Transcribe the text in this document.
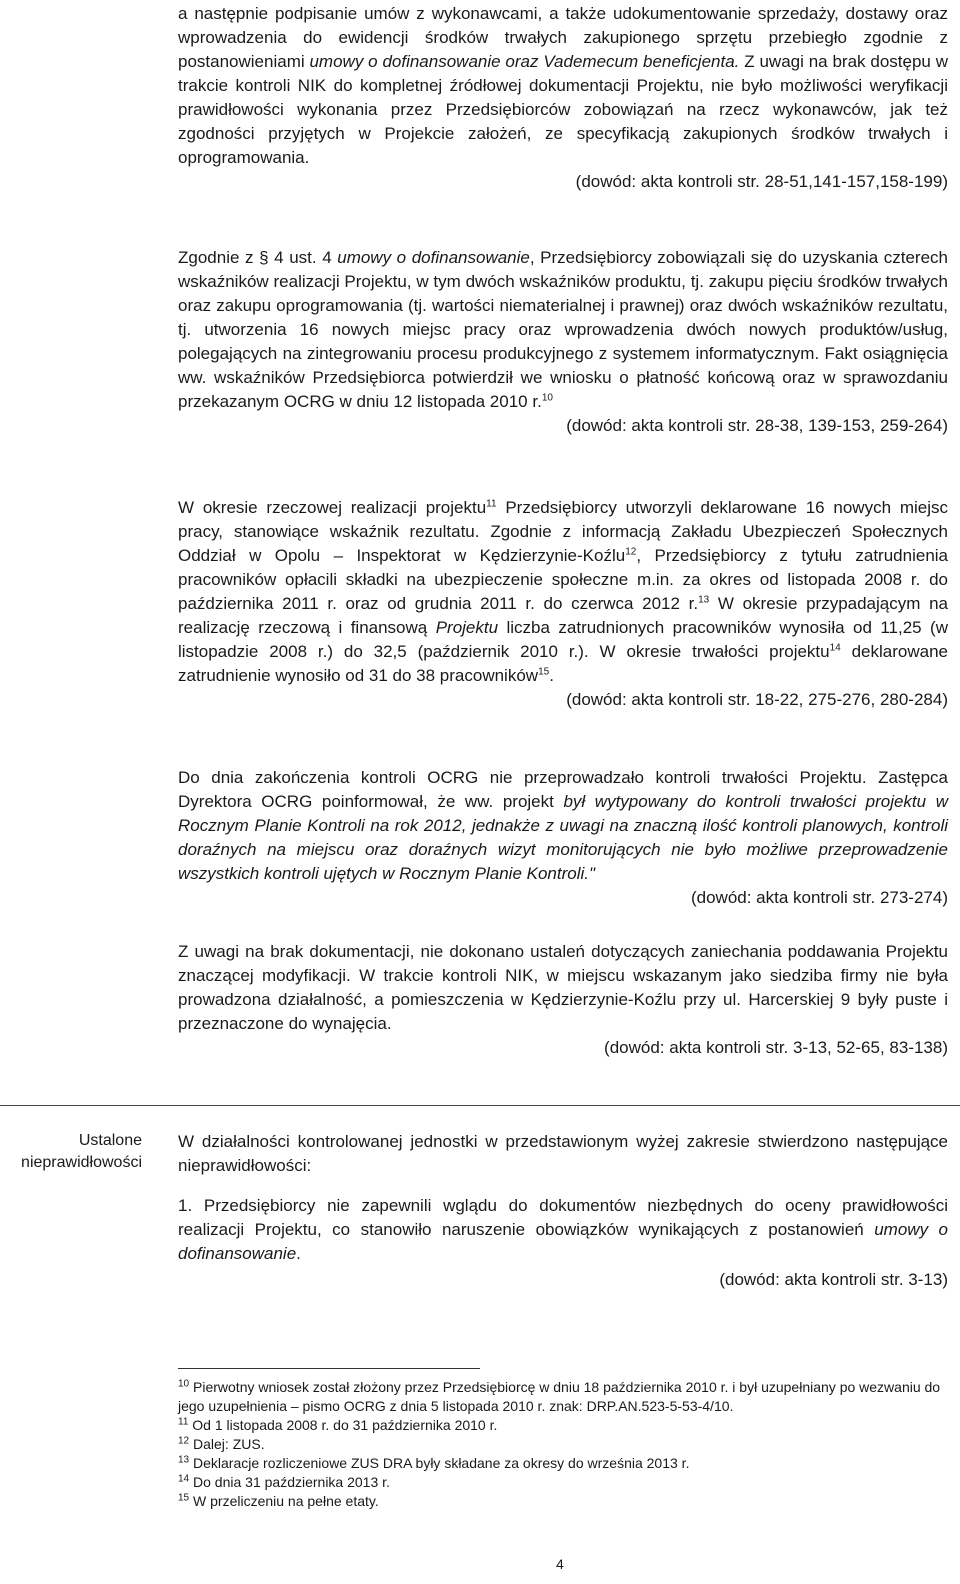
a następnie podpisanie umów z wykonawcami, a także udokumentowanie sprzedaży, dostawy oraz wprowadzenia do ewidencji środków trwałych zakupionego sprzętu przebiegło zgodnie z postanowieniami umowy o dofinansowanie oraz Vademecum beneficjenta. Z uwagi na brak dostępu w trakcie kontroli NIK do kompletnej źródłowej dokumentacji Projektu, nie było możliwości weryfikacji prawidłowości wykonania przez Przedsiębiorców zobowiązań na rzecz wykonawców, jak też zgodności przyjętych w Projekcie założeń, ze specyfikacją zakupionych środków trwałych i oprogramowania.

(dowód: akta kontroli str. 28-51,141-157,158-199)

Zgodnie z § 4 ust. 4 umowy o dofinansowanie, Przedsiębiorcy zobowiązali się do uzyskania czterech wskaźników realizacji Projektu, w tym dwóch wskaźników produktu, tj. zakupu pięciu środków trwałych oraz zakupu oprogramowania (tj. wartości niematerialnej i prawnej) oraz dwóch wskaźników rezultatu, tj. utworzenia 16 nowych miejsc pracy oraz wprowadzenia dwóch nowych produktów/usług, polegających na zintegrowaniu procesu produkcyjnego z systemem informatycznym. Fakt osiągnięcia ww. wskaźników Przedsiębiorca potwierdził we wniosku o płatność końcową oraz w sprawozdaniu przekazanym OCRG w dniu 12 listopada 2010 r.$^{10}$

(dowód: akta kontroli str. 28-38, 139-153, 259-264)

W okresie rzeczowej realizacji projektu$^{11}$ Przedsiębiorcy utworzyli deklarowane 16 nowych miejsc pracy, stanowiące wskaźnik rezultatu. Zgodnie z informacją Zakładu Ubezpieczeń Społecznych Oddział w Opolu – Inspektorat w Kędzierzynie-Koźlu$^{12}$, Przedsiębiorcy z tytułu zatrudnienia pracowników opłacili składki na ubezpieczenie społeczne m.in. za okres od listopada 2008 r. do października 2011 r. oraz od grudnia 2011 r. do czerwca 2012 r.$^{13}$ W okresie przypadającym na realizację rzeczową i finansową Projektu liczba zatrudnionych pracowników wynosiła od 11,25 (w listopadzie 2008 r.) do 32,5 (październik 2010 r.). W okresie trwałości projektu$^{14}$ deklarowane zatrudnienie wynosiło od 31 do 38 pracowników$^{15}$.

(dowód: akta kontroli str. 18-22, 275-276, 280-284)

Do dnia zakończenia kontroli OCRG nie przeprowadzało kontroli trwałości Projektu. Zastępca Dyrektora OCRG poinformował, że ww. projekt był wytypowany do kontroli trwałości projektu w Rocznym Planie Kontroli na rok 2012, jednakże z uwagi na znaczną ilość kontroli planowych, kontroli doraźnych na miejscu oraz doraźnych wizyt monitorujących nie było możliwe przeprowadzenie wszystkich kontroli ujętych w Rocznym Planie Kontroli."

(dowód: akta kontroli str. 273-274)

Z uwagi na brak dokumentacji, nie dokonano ustaleń dotyczących zaniechania poddawania Projektu znaczącej modyfikacji. W trakcie kontroli NIK, w miejscu wskazanym jako siedziba firmy nie była prowadzona działalność, a pomieszczenia w Kędzierzynie-Koźlu przy ul. Harcerskiej 9 były puste i przeznaczone do wynajęcia.

(dowód: akta kontroli str. 3-13, 52-65, 83-138)

Ustalone
nieprawidłowości

W działalności kontrolowanej jednostki w przedstawionym wyżej zakresie stwierdzono następujące nieprawidłowości:

1. Przedsiębiorcy nie zapewnili wglądu do dokumentów niezbędnych do oceny prawidłowości realizacji Projektu, co stanowiło naruszenie obowiązków wynikających z postanowień umowy o dofinansowanie.

(dowód: akta kontroli str. 3-13)

$^{10}$ Pierwotny wniosek został złożony przez Przedsiębiorcę w dniu 18 października 2010 r. i był uzupełniany po wezwaniu do jego uzupełnienia – pismo OCRG z dnia 5 listopada 2010 r. znak: DRP.AN.523-5-53-4/10.

$^{11}$ Od 1 listopada 2008 r. do 31 października 2010 r.

$^{12}$ Dalej: ZUS.

$^{13}$ Deklaracje rozliczeniowe ZUS DRA były składane za okresy do września 2013 r.

$^{14}$ Do dnia 31 października 2013 r.

$^{15}$ W przeliczeniu na pełne etaty.

4
